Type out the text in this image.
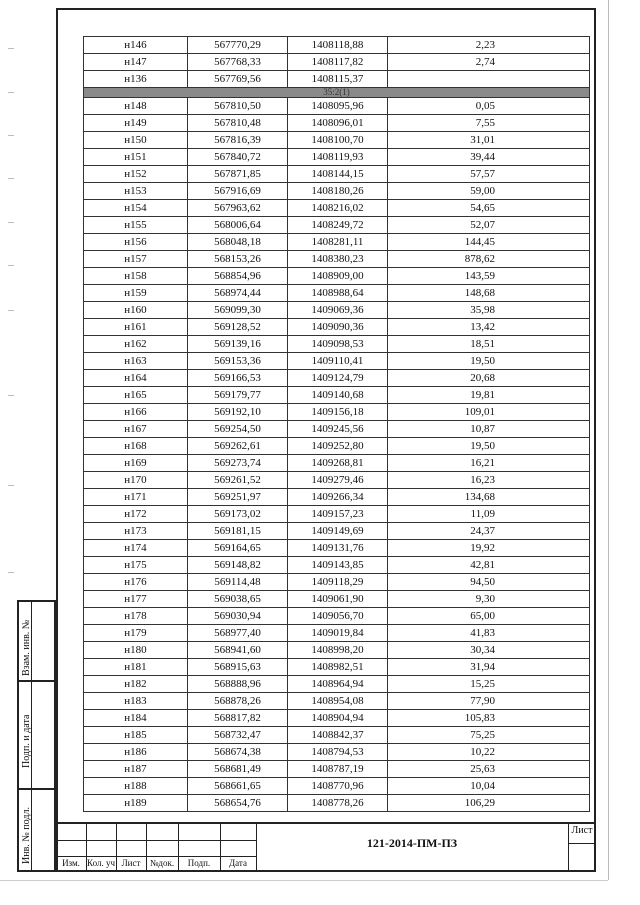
н146	567770,29	1408118,88	2,23
н147	567768,33	1408117,82	2,74
н136	567769,56	1408115,37	
35:2(1)			
н148	567810,50	1408095,96	0,05
н149	567810,48	1408096,01	7,55
н150	567816,39	1408100,70	31,01
н151	567840,72	1408119,93	39,44
н152	567871,85	1408144,15	57,57
н153	567916,69	1408180,26	59,00
н154	567963,62	1408216,02	54,65
н155	568006,64	1408249,72	52,07
н156	568048,18	1408281,11	144,45
н157	568153,26	1408380,23	878,62
н158	568854,96	1408909,00	143,59
н159	568974,44	1408988,64	148,68
н160	569099,30	1409069,36	35,98
н161	569128,52	1409090,36	13,42
н162	569139,16	1409098,53	18,51
н163	569153,36	1409110,41	19,50
н164	569166,53	1409124,79	20,68
н165	569179,77	1409140,68	19,81
н166	569192,10	1409156,18	109,01
н167	569254,50	1409245,56	10,87
н168	569262,61	1409252,80	19,50
н169	569273,74	1409268,81	16,21
н170	569261,52	1409279,46	16,23
н171	569251,97	1409266,34	134,68
н172	569173,02	1409157,23	11,09
н173	569181,15	1409149,69	24,37
н174	569164,65	1409131,76	19,92
н175	569148,82	1409143,85	42,81
н176	569114,48	1409118,29	94,50
н177	569038,65	1409061,90	9,30
н178	569030,94	1409056,70	65,00
н179	568977,40	1409019,84	41,83
н180	568941,60	1408998,20	30,34
н181	568915,63	1408982,51	31,94
н182	568888,96	1408964,94	15,25
н183	568878,26	1408954,08	77,90
н184	568817,82	1408904,94	105,83
н185	568732,47	1408842,37	75,25
н186	568674,38	1408794,53	10,22
н187	568681,49	1408787,19	25,63
н188	568661,65	1408770,96	10,04
н189	568654,76	1408778,26	106,29
Взам. инв. №
Подп. и дата
Инв. № подл.	Изм. Кол. уч Лист	№док.	Подп.	Дата
121-2014-ПМ-ПЗ
Лист
